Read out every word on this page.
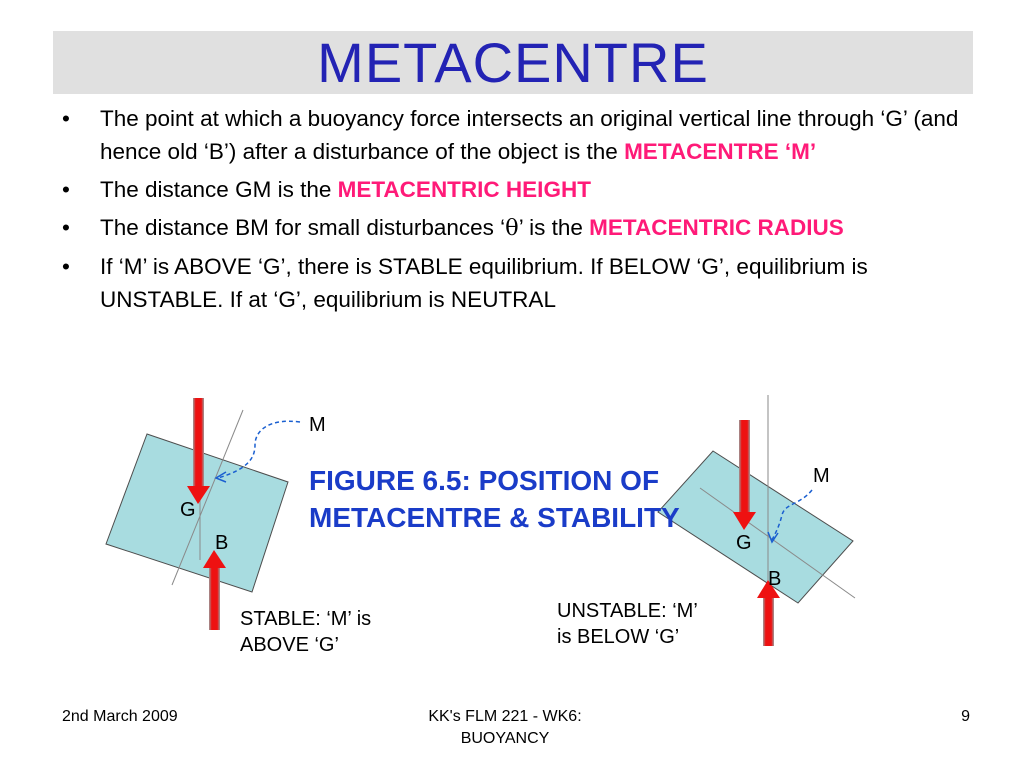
METACENTRE
• The point at which a buoyancy force intersects an original vertical line through ‘G’ (and hence old ‘B’) after a disturbance of the object is the METACENTRE ‘M’
• The distance GM is the METACENTRIC HEIGHT
• The distance BM for small disturbances ‘θ’ is the METACENTRIC RADIUS
• If ‘M’ is ABOVE ‘G’, there is STABLE equilibrium. If BELOW ‘G’, equilibrium is UNSTABLE. If at ‘G’, equilibrium is NEUTRAL
M
G
B
M
G
B
FIGURE 6.5: POSITION OF METACENTRE & STABILITY
STABLE: ‘M’ is
ABOVE ‘G’
UNSTABLE: ‘M’
is BELOW ‘G’
2nd March 2009	KK's FLM 221 - WK6:
BUOYANCY
9
